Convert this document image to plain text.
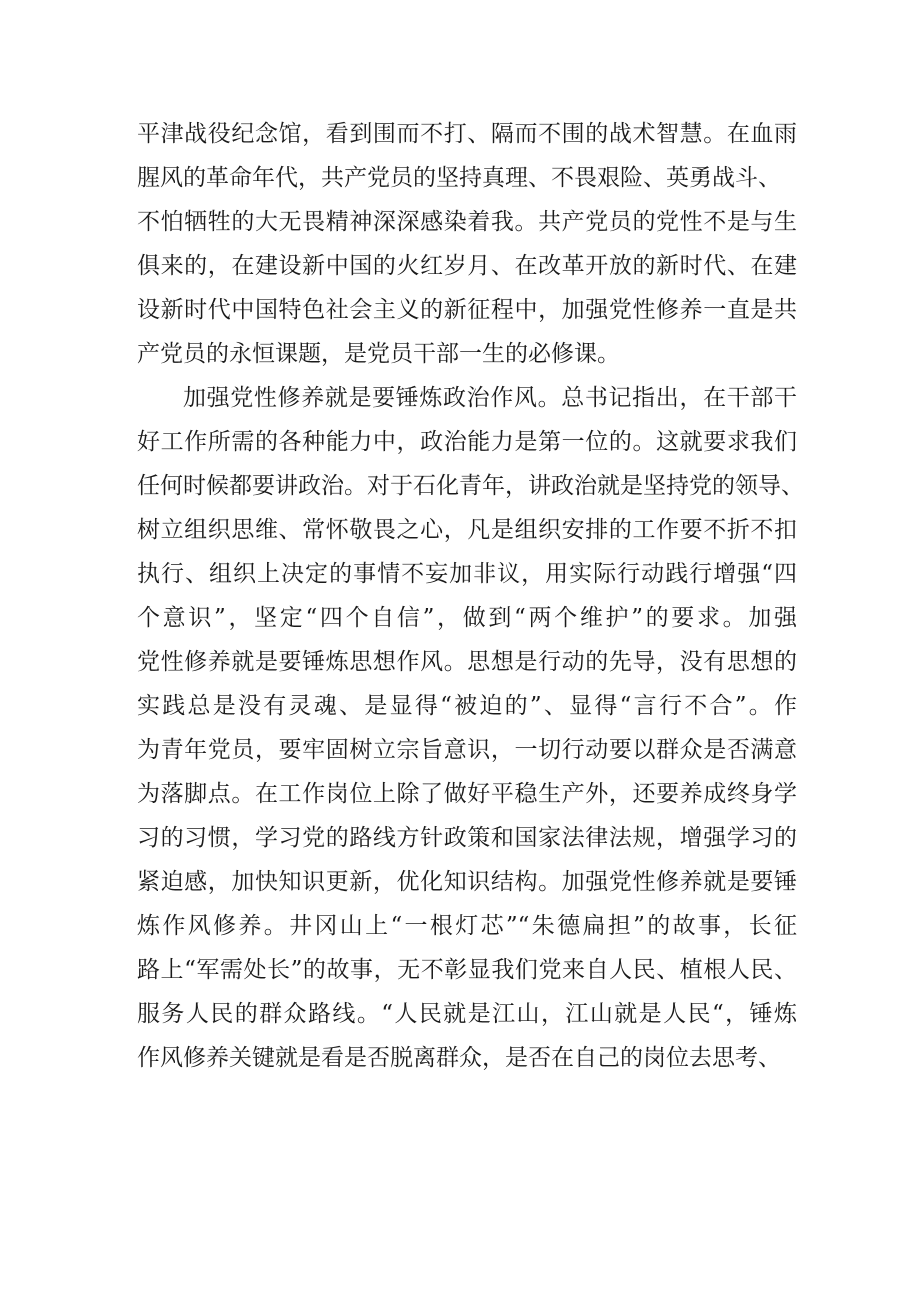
平津战役纪念馆，看到围而不打、隔而不围的战术智慧。在血雨
腥风的革命年代，共产党员的坚持真理、不畏艰险、英勇战斗、
不怕牺牲的大无畏精神深深感染着我。共产党员的党性不是与生
俱来的，在建设新中国的火红岁月、在改革开放的新时代、在建
设新时代中国特色社会主义的新征程中，加强党性修养一直是共
产党员的永恒课题，是党员干部一生的必修课。
加强党性修养就是要锤炼政治作风。总书记指出，在干部干
好工作所需的各种能力中，政治能力是第一位的。这就要求我们
任何时候都要讲政治。对于石化青年，讲政治就是坚持党的领导、
树立组织思维、常怀敬畏之心，凡是组织安排的工作要不折不扣
执行、组织上决定的事情不妄加非议，用实际行动践行增强“四
个意识”，坚定“四个自信”，做到“两个维护”的要求。加强
党性修养就是要锤炼思想作风。思想是行动的先导，没有思想的
实践总是没有灵魂、是显得“被迫的”、显得“言行不合”。作
为青年党员，要牢固树立宗旨意识，一切行动要以群众是否满意
为落脚点。在工作岗位上除了做好平稳生产外，还要养成终身学
习的习惯，学习党的路线方针政策和国家法律法规，增强学习的
紧迫感，加快知识更新，优化知识结构。加强党性修养就是要锤
炼作风修养。井冈山上“一根灯芯”“朱德扁担”的故事，长征
路上“军需处长”的故事，无不彰显我们党来自人民、植根人民、
服务人民的群众路线。“人民就是江山，江山就是人民“，锤炼
作风修养关键就是看是否脱离群众，是否在自己的岗位去思考、
